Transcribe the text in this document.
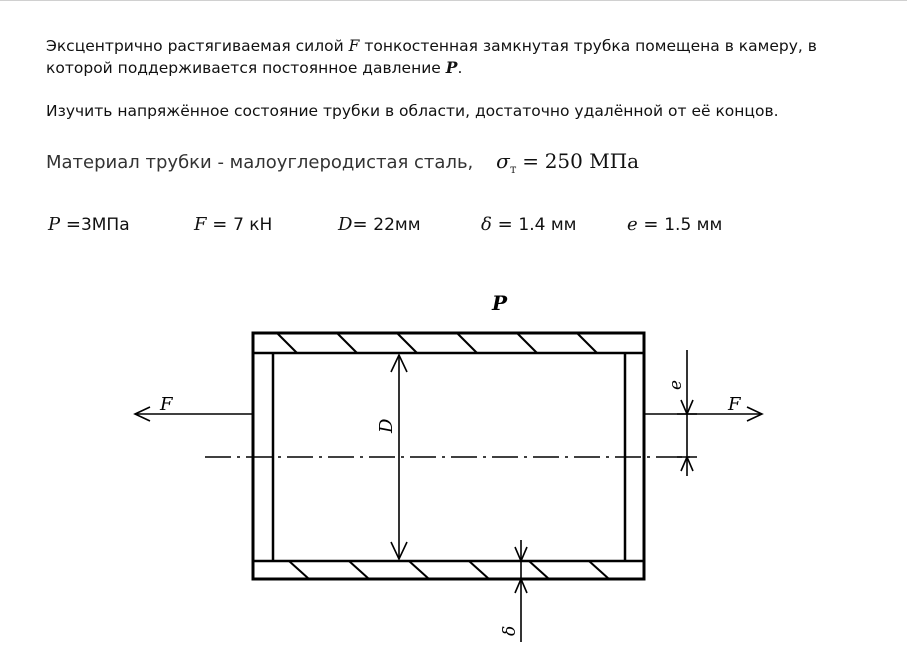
Эксцентрично растягиваемая силой F тонкостенная замкнутая трубка помещена в камеру, в
которой поддерживается постоянное давление P.
Изучить напряжённое состояние трубки в области, достаточно удалённой от её концов.
Материал трубки - малоуглеродистая сталь, $\sigma_т = 250$ МПа
P =3МПа	F = 7 кН	D= 22мм	δ = 1.4 мм	e = 1.5 мм
P
F	F
D
e
δ
